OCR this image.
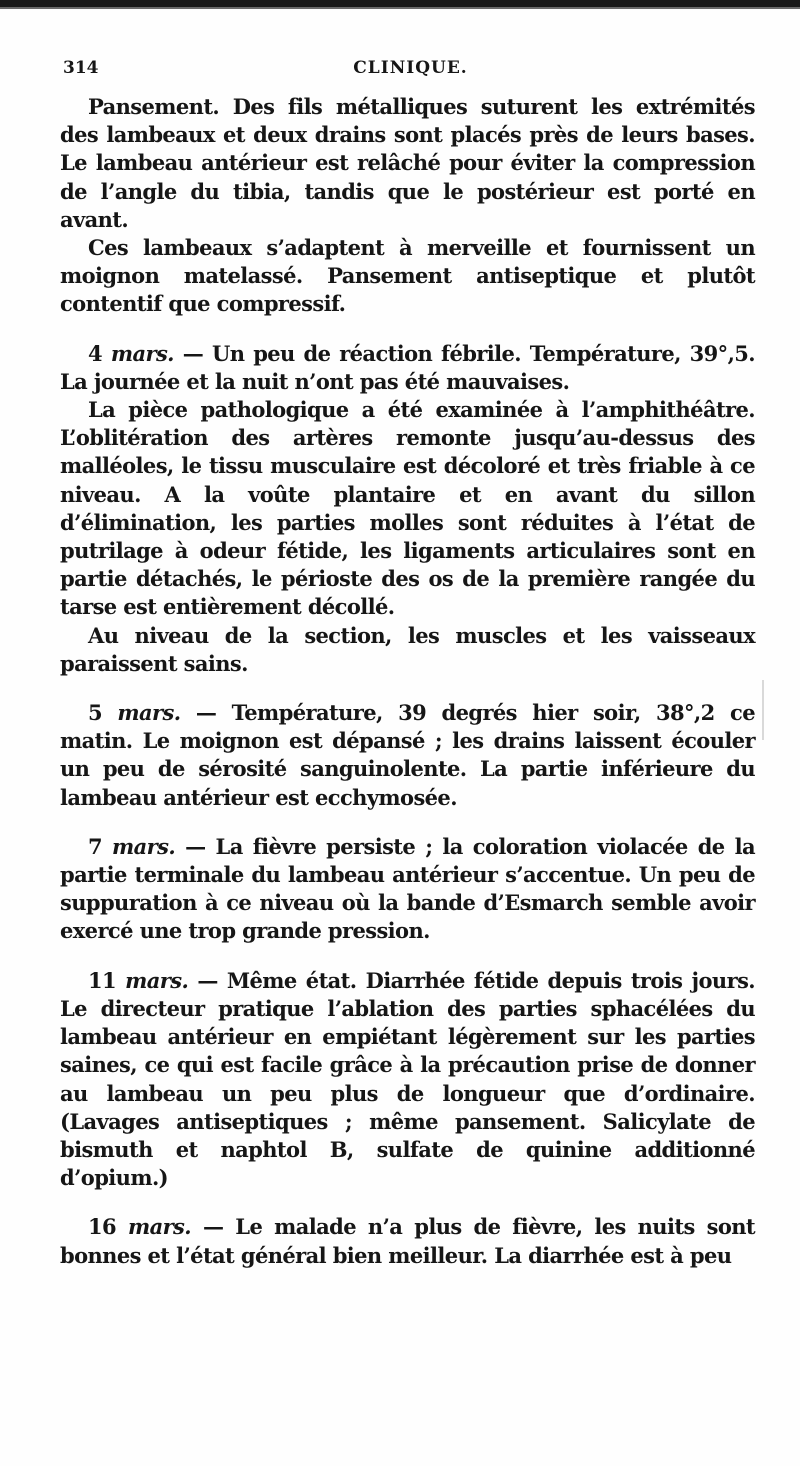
314	CLINIQUE.

Pansement. Des fils métalliques suturent les extrémités des lambeaux et deux drains sont placés près de leurs bases. Le lambeau antérieur est relâché pour éviter la compression de l’angle du tibia, tandis que le postérieur est porté en avant.

Ces lambeaux s’adaptent à merveille et fournissent un moignon matelassé. Pansement antiseptique et plutôt contentif que compressif.

4 mars. — Un peu de réaction fébrile. Température, 39°,5. La journée et la nuit n’ont pas été mauvaises.

La pièce pathologique a été examinée à l’amphithéâtre. L’oblitération des artères remonte jusqu’au-dessus des malléoles, le tissu musculaire est décoloré et très friable à ce niveau. A la voûte plantaire et en avant du sillon d’élimination, les parties molles sont réduites à l’état de putrilage à odeur fétide, les ligaments articulaires sont en partie détachés, le périoste des os de la première rangée du tarse est entièrement décollé.

Au niveau de la section, les muscles et les vaisseaux paraissent sains.

5 mars. — Température, 39 degrés hier soir, 38°,2 ce matin. Le moignon est dépansé ; les drains laissent écouler un peu de sérosité sanguinolente. La partie inférieure du lambeau antérieur est ecchymosée.

7 mars. — La fièvre persiste ; la coloration violacée de la partie terminale du lambeau antérieur s’accentue. Un peu de suppuration à ce niveau où la bande d’Esmarch semble avoir exercé une trop grande pression.

11 mars. — Même état. Diarrhée fétide depuis trois jours. Le directeur pratique l’ablation des parties sphacélées du lambeau antérieur en empiétant légèrement sur les parties saines, ce qui est facile grâce à la précaution prise de donner au lambeau un peu plus de longueur que d’ordinaire. (Lavages antiseptiques ; même pansement. Salicylate de bismuth et naphtol B, sulfate de quinine additionné d’opium.)

16 mars. — Le malade n’a plus de fièvre, les nuits sont bonnes et l’état général bien meilleur. La diarrhée est à peu
